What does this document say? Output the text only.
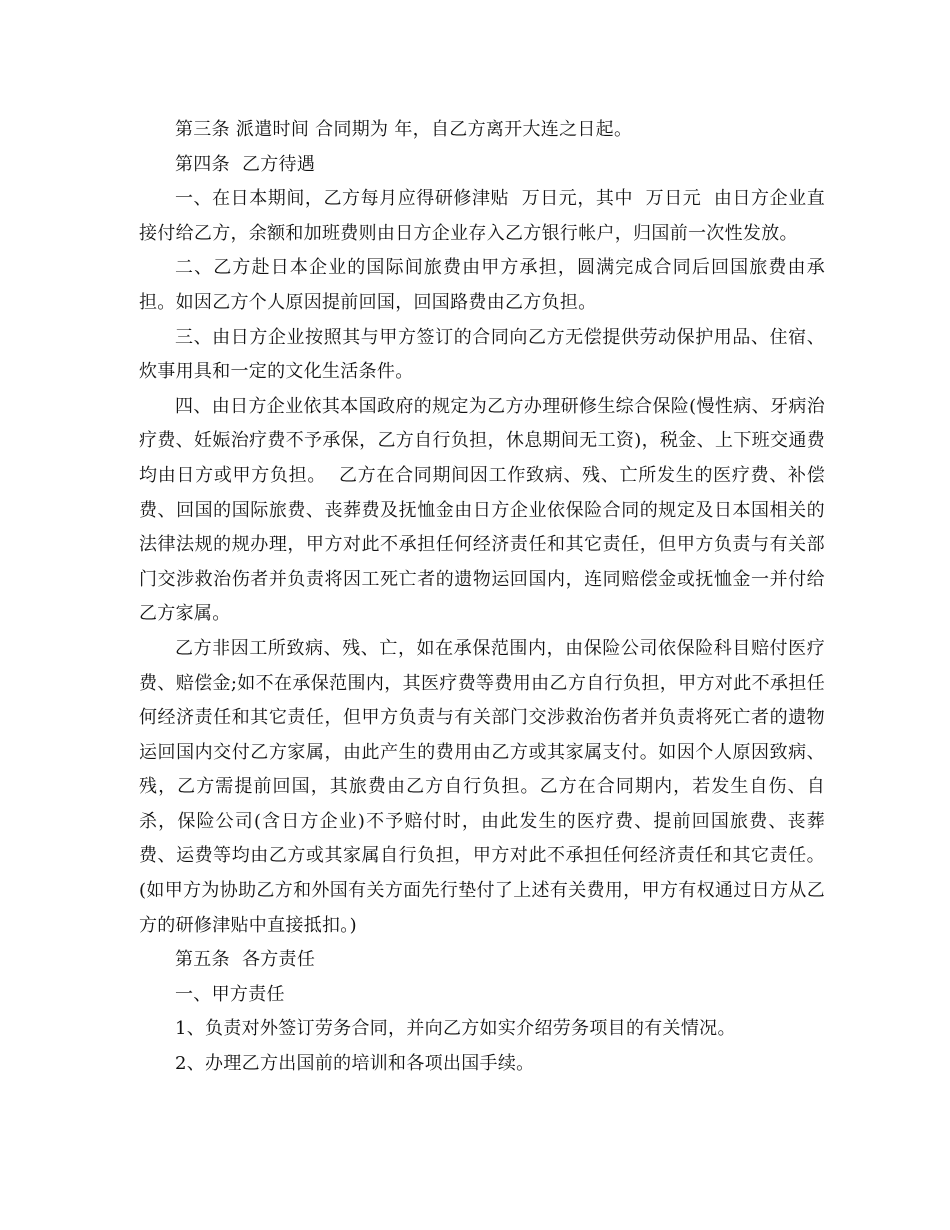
第三条 派遣时间 合同期为 年，自乙方离开大连之日起。

第四条  乙方待遇

一、在日本期间，乙方每月应得研修津贴  万日元，其中  万日元  由日方企业直接付给乙方，余额和加班费则由日方企业存入乙方银行帐户，归国前一次性发放。

二、乙方赴日本企业的国际间旅费由甲方承担，圆满完成合同后回国旅费由承担。如因乙方个人原因提前回国，回国路费由乙方负担。

三、由日方企业按照其与甲方签订的合同向乙方无偿提供劳动保护用品、住宿、炊事用具和一定的文化生活条件。

四、由日方企业依其本国政府的规定为乙方办理研修生综合保险(慢性病、牙病治疗费、妊娠治疗费不予承保，乙方自行负担，休息期间无工资)，税金、上下班交通费均由日方或甲方负担。  乙方在合同期间因工作致病、残、亡所发生的医疗费、补偿费、回国的国际旅费、丧葬费及抚恤金由日方企业依保险合同的规定及日本国相关的法律法规的规办理，甲方对此不承担任何经济责任和其它责任，但甲方负责与有关部门交涉救治伤者并负责将因工死亡者的遗物运回国内，连同赔偿金或抚恤金一并付给乙方家属。

乙方非因工所致病、残、亡，如在承保范围内，由保险公司依保险科目赔付医疗费、赔偿金;如不在承保范围内，其医疗费等费用由乙方自行负担，甲方对此不承担任何经济责任和其它责任，但甲方负责与有关部门交涉救治伤者并负责将死亡者的遗物运回国内交付乙方家属，由此产生的费用由乙方或其家属支付。如因个人原因致病、残，乙方需提前回国，其旅费由乙方自行负担。乙方在合同期内，若发生自伤、自杀，保险公司(含日方企业)不予赔付时，由此发生的医疗费、提前回国旅费、丧葬费、运费等均由乙方或其家属自行负担，甲方对此不承担任何经济责任和其它责任。(如甲方为协助乙方和外国有关方面先行垫付了上述有关费用，甲方有权通过日方从乙方的研修津贴中直接抵扣。)

第五条  各方责任

一、甲方责任

1、负责对外签订劳务合同，并向乙方如实介绍劳务项目的有关情况。

2、办理乙方出国前的培训和各项出国手续。
